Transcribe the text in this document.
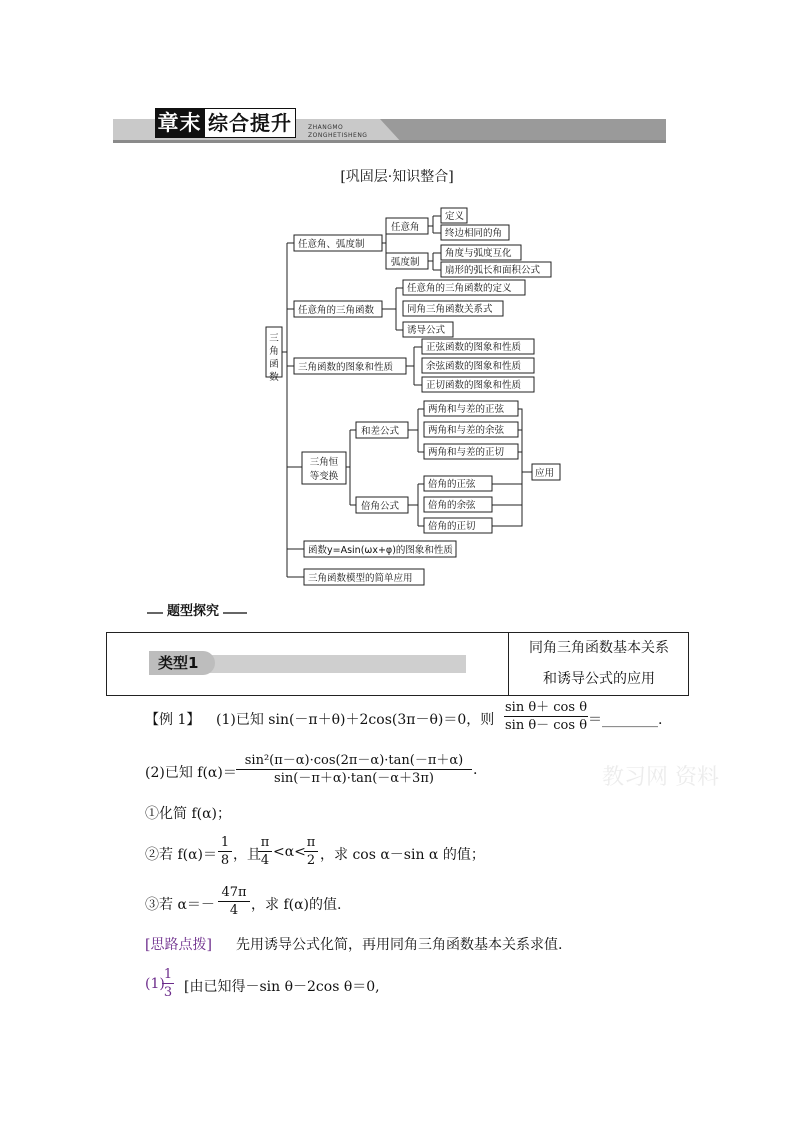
章末 综合提升	ZHANGMO
ZONGHETISHENG
[巩固层·知识整合]
三角函数
任意角、弧度制
任意角
弧度制
定义
终边相同的角
角度与弧度互化
扇形的弧长和面积公式
任意角的三角函数
任意角的三角函数的定义
同角三角函数关系式
诱导公式
三角函数的图象和性质
正弦函数的图象和性质
余弦函数的图象和性质
正切函数的图象和性质
三角恒
等变换
和差公式
倍角公式
两角和与差的正弦
两角和与差的余弦
两角和与差的正切
倍角的正弦
倍角的余弦
倍角的正切
应用
函数y=Asin(ωx+φ)的图象和性质
三角函数模型的简单应用
题型探究
类型1
同角三角函数基本关系
和诱导公式的应用
【例 1】 (1)已知 sin(－π＋θ)＋2cos(3π－θ)＝0，则 $\frac{\text{sin θ＋ cos θ}}{\text{sin θ－ cos θ}}$ ＝________.
(2)已知 $f(\alpha)= \frac{\text{sin²(π－α)·cos(2π－α)·tan(－π＋α)}}{\sin(-\pi+\alpha)\cdot\tan(-\alpha+3\pi)}$ .
①化简 f(α)；
②若 $f(\alpha)= \frac{1}{8}$ ，且
$\frac{\pi}{4} <\alpha<$
$\frac{\pi}{2}$ ，求 cos α－sin α 的值；
③若 $\alpha=- \frac{47\pi}{4}$ ，求 f(α)的值.
[思路点拨] 先用诱导公式化简，再用同角三角函数基本关系求值.
(1)
$\frac{1}{3}$ [由已知得－sin θ－2cos θ＝0,
教习网 资料
